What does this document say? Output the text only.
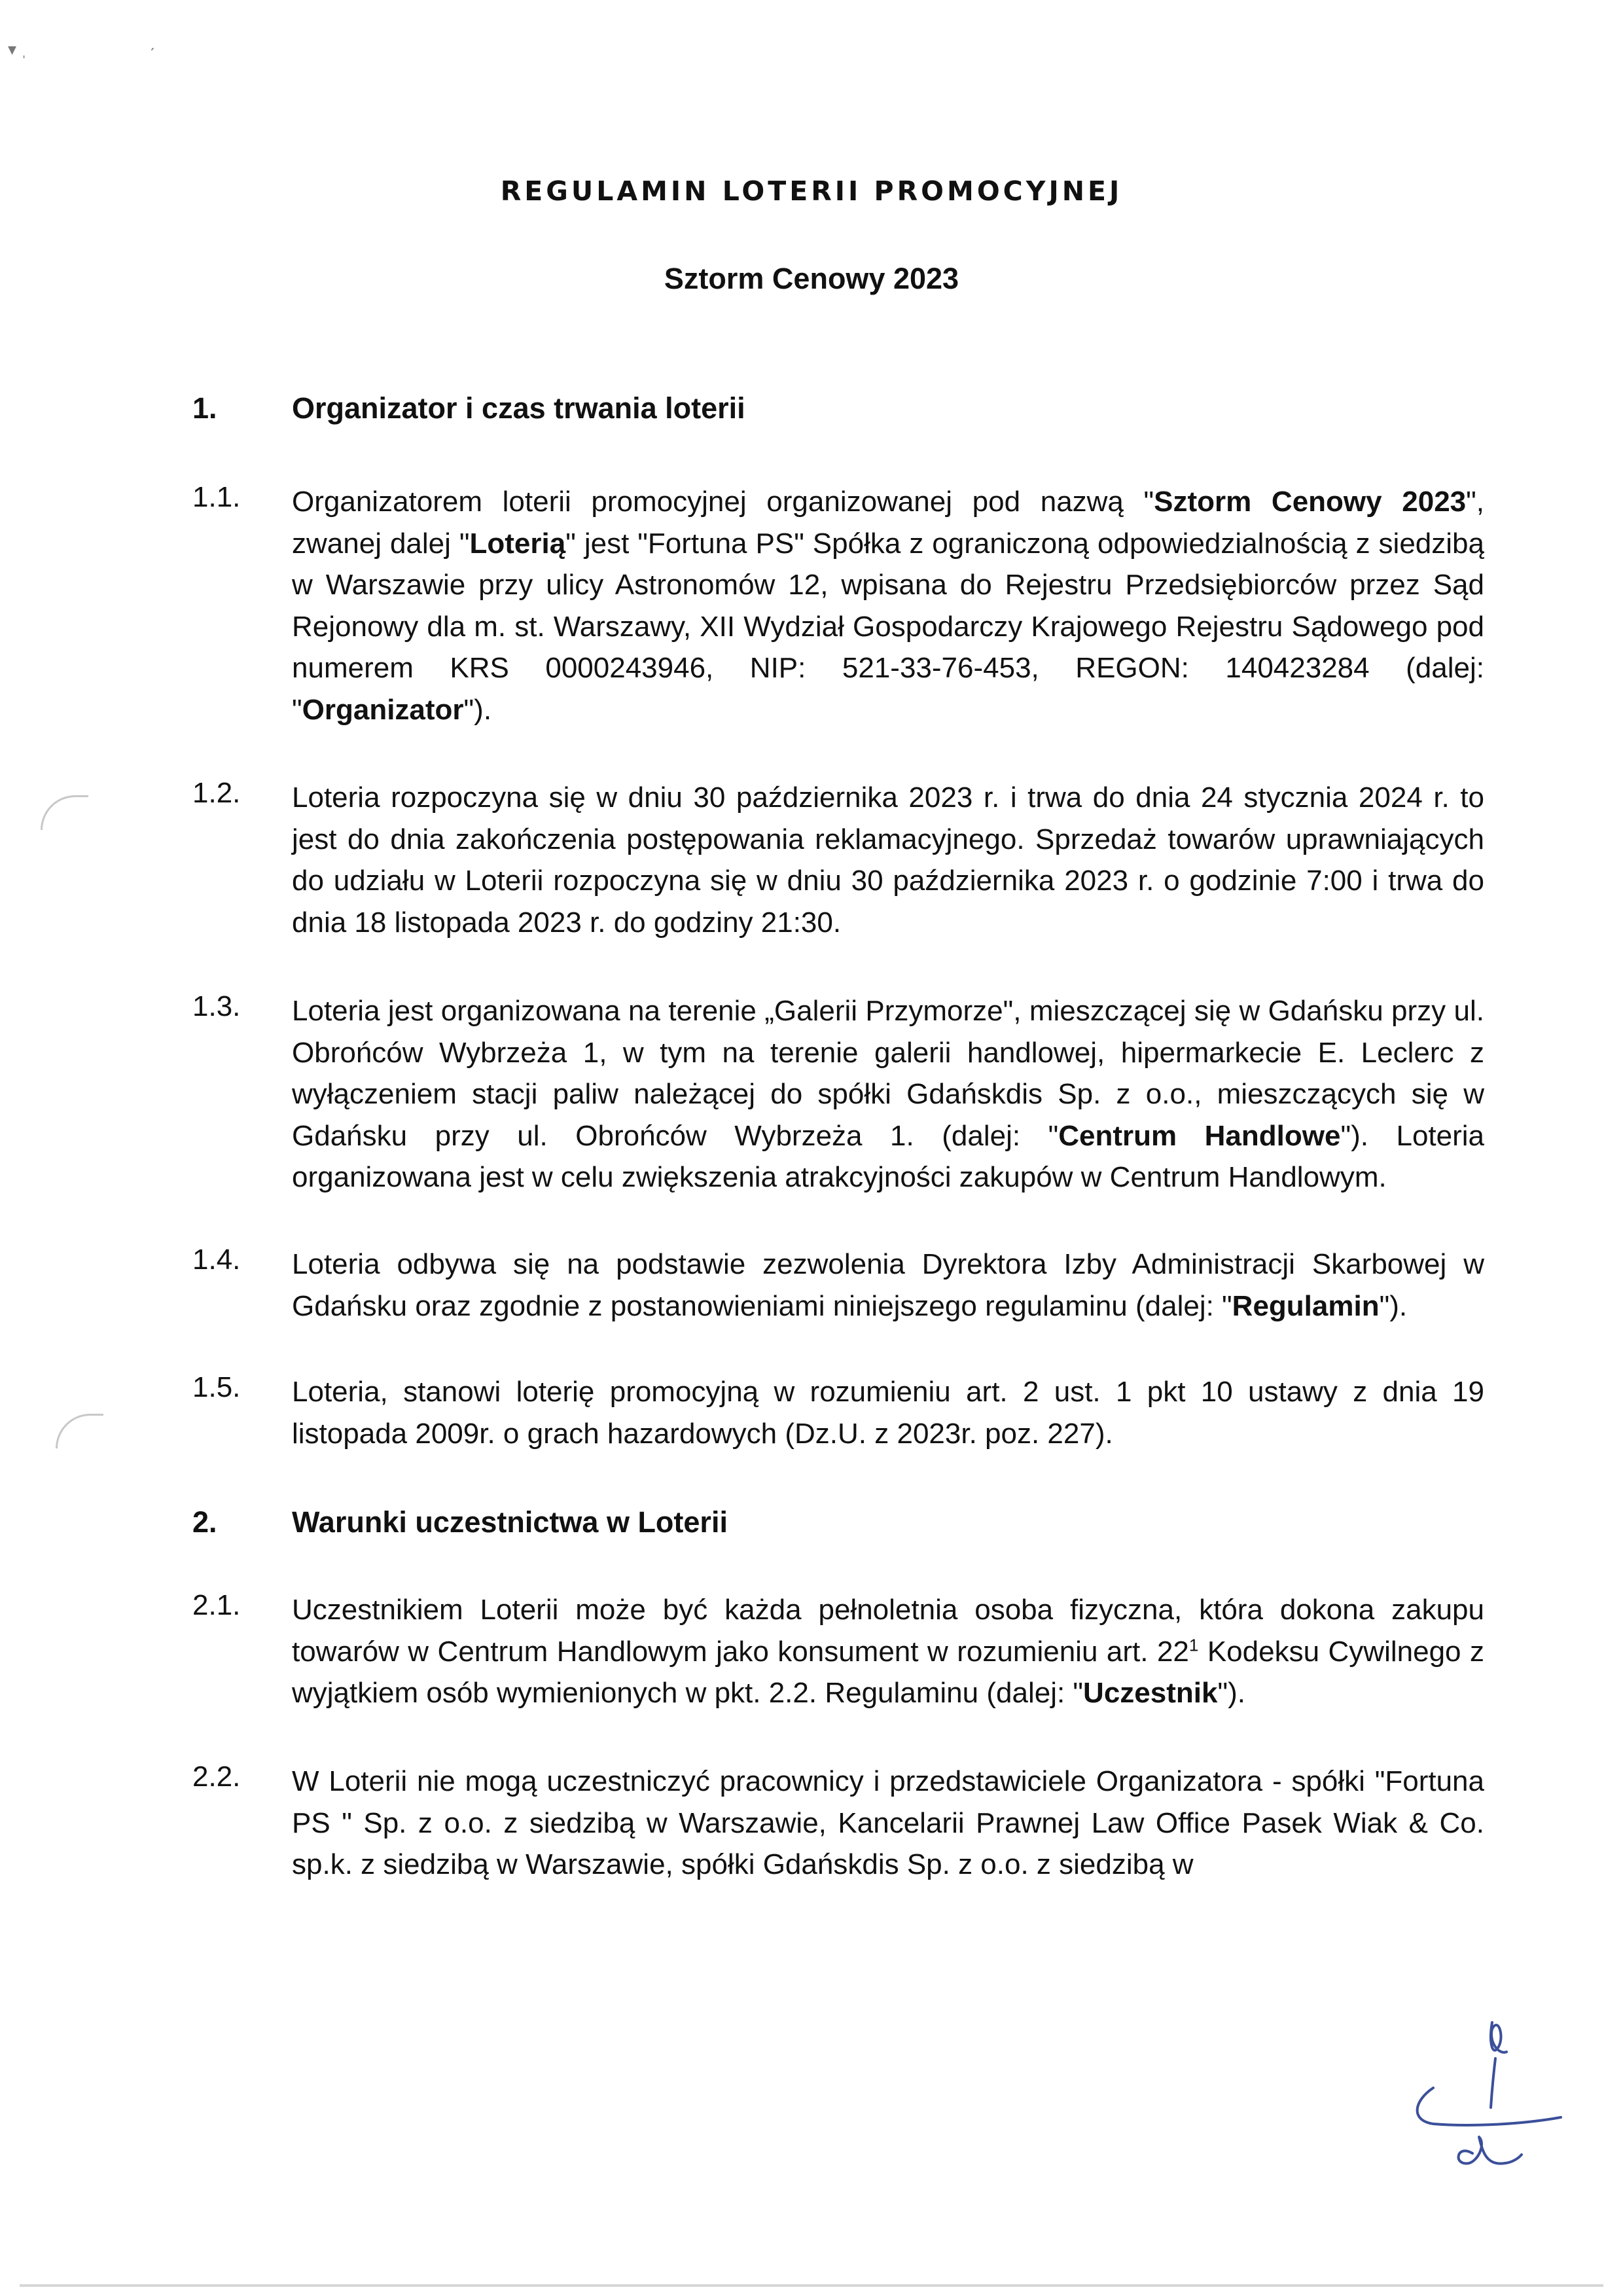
▾ ˌ	ˏ
REGULAMIN LOTERII PROMOCYJNEJ
Sztorm Cenowy 2023
1.	Organizator i czas trwania loterii
1.1. Organizatorem loterii promocyjnej organizowanej pod nazwą "Sztorm Cenowy 2023", zwanej dalej "Loterią" jest "Fortuna PS" Spółka z ograniczoną odpowiedzialnością z siedzibą w Warszawie przy ulicy Astronomów 12, wpisana do Rejestru Przedsiębiorców przez Sąd Rejonowy dla m. st. Warszawy, XII Wydział Gospodarczy Krajowego Rejestru Sądowego pod numerem KRS 0000243946, NIP: 521-33-76-453, REGON: 140423284 (dalej: "Organizator").

1.2. Loteria rozpoczyna się w dniu 30 października 2023 r. i trwa do dnia 24 stycznia 2024 r. to jest do dnia zakończenia postępowania reklamacyjnego. Sprzedaż towarów uprawniających do udziału w Loterii rozpoczyna się w dniu 30 października 2023 r. o godzinie 7:00 i trwa do dnia 18 listopada 2023 r. do godziny 21:30.

1.3. Loteria jest organizowana na terenie „Galerii Przymorze", mieszczącej się w Gdańsku przy ul. Obrońców Wybrzeża 1, w tym na terenie galerii handlowej, hipermarkecie E. Leclerc z wyłączeniem stacji paliw należącej do spółki Gdańskdis Sp. z o.o., mieszczących się w Gdańsku przy ul. Obrońców Wybrzeża 1. (dalej: "Centrum Handlowe"). Loteria organizowana jest w celu zwiększenia atrakcyjności zakupów w Centrum Handlowym.

1.4. Loteria odbywa się na podstawie zezwolenia Dyrektora Izby Administracji Skarbowej w Gdańsku oraz zgodnie z postanowieniami niniejszego regulaminu (dalej: "Regulamin").

1.5. Loteria, stanowi loterię promocyjną w rozumieniu art. 2 ust. 1 pkt 10 ustawy z dnia 19 listopada 2009r. o grach hazardowych (Dz.U. z 2023r. poz. 227).

2.	Warunki uczestnictwa w Loterii
2.1. Uczestnikiem Loterii może być każda pełnoletnia osoba fizyczna, która dokona zakupu towarów w Centrum Handlowym jako konsument w rozumieniu art. $22^1$ Kodeksu Cywilnego z wyjątkiem osób wymienionych w pkt. 2.2. Regulaminu (dalej: "Uczestnik").

2.2. W Loterii nie mogą uczestniczyć pracownicy i przedstawiciele Organizatora - spółki "Fortuna PS " Sp. z o.o. z siedzibą w Warszawie, Kancelarii Prawnej Law Office Pasek Wiak & Co. sp.k. z siedzibą w Warszawie, spółki Gdańskdis Sp. z o.o. z siedzibą w
